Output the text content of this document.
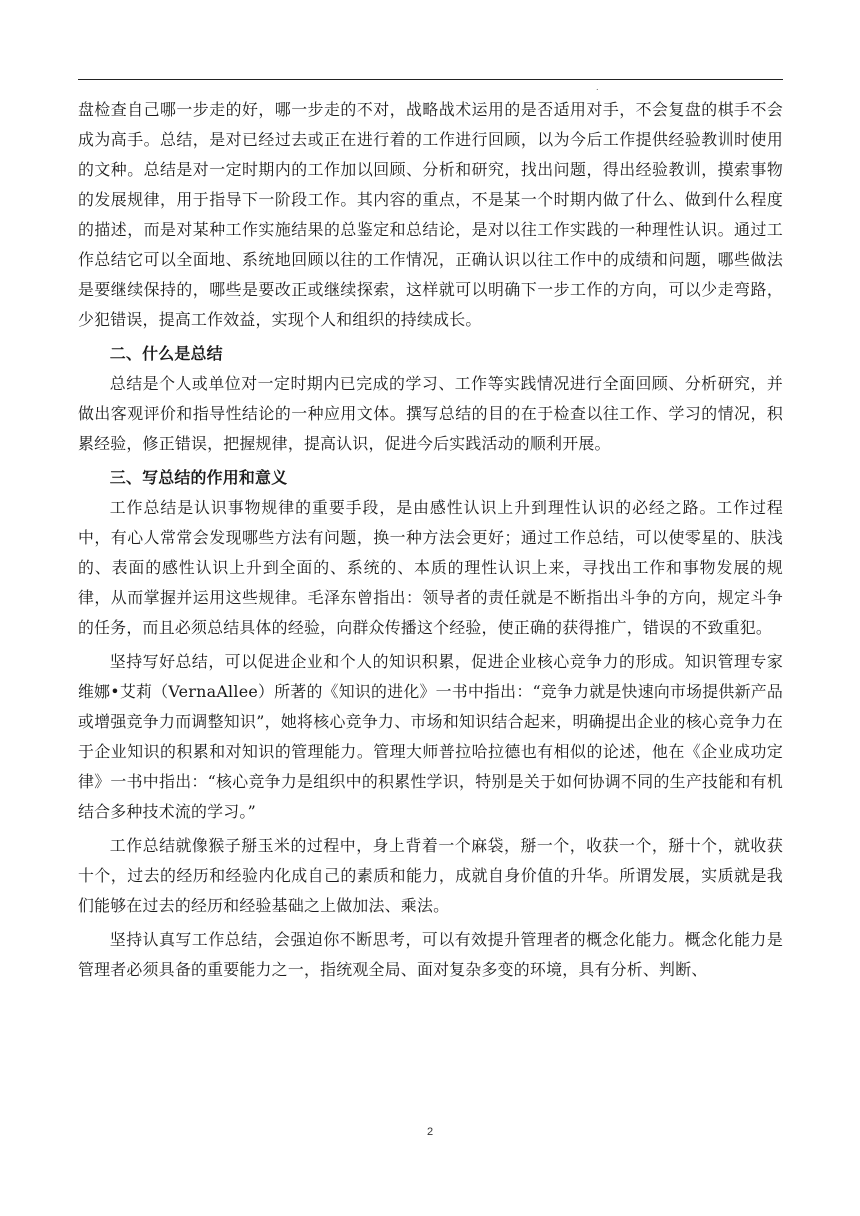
.

盘检查自己哪一步走的好，哪一步走的不对，战略战术运用的是否适用对手，不会复盘的棋手不会成为高手。总结，是对已经过去或正在进行着的工作进行回顾，以为今后工作提供经验教训时使用的文种。总结是对一定时期内的工作加以回顾、分析和研究，找出问题，得出经验教训，摸索事物的发展规律，用于指导下一阶段工作。其内容的重点，不是某一个时期内做了什么、做到什么程度的描述，而是对某种工作实施结果的总鉴定和总结论，是对以往工作实践的一种理性认识。通过工作总结它可以全面地、系统地回顾以往的工作情况，正确认识以往工作中的成绩和问题，哪些做法是要继续保持的，哪些是要改正或继续探索，这样就可以明确下一步工作的方向，可以少走弯路，少犯错误，提高工作效益，实现个人和组织的持续成长。

二、什么是总结

总结是个人或单位对一定时期内已完成的学习、工作等实践情况进行全面回顾、分析研究，并做出客观评价和指导性结论的一种应用文体。撰写总结的目的在于检查以往工作、学习的情况，积累经验，修正错误，把握规律，提高认识，促进今后实践活动的顺利开展。

三、写总结的作用和意义

工作总结是认识事物规律的重要手段，是由感性认识上升到理性认识的必经之路。工作过程中，有心人常常会发现哪些方法有问题，换一种方法会更好；通过工作总结，可以使零星的、肤浅的、表面的感性认识上升到全面的、系统的、本质的理性认识上来，寻找出工作和事物发展的规律，从而掌握并运用这些规律。毛泽东曾指出：领导者的责任就是不断指出斗争的方向，规定斗争的任务，而且必须总结具体的经验，向群众传播这个经验，使正确的获得推广，错误的不致重犯。

坚持写好总结，可以促进企业和个人的知识积累，促进企业核心竞争力的形成。知识管理专家维娜•艾莉（VernaAllee）所著的《知识的进化》一书中指出：“竞争力就是快速向市场提供新产品或增强竞争力而调整知识”，她将核心竞争力、市场和知识结合起来，明确提出企业的核心竞争力在于企业知识的积累和对知识的管理能力。管理大师普拉哈拉德也有相似的论述，他在《企业成功定律》一书中指出：“核心竞争力是组织中的积累性学识，特别是关于如何协调不同的生产技能和有机结合多种技术流的学习。”

工作总结就像猴子掰玉米的过程中，身上背着一个麻袋，掰一个，收获一个，掰十个，就收获十个，过去的经历和经验内化成自己的素质和能力，成就自身价值的升华。所谓发展，实质就是我们能够在过去的经历和经验基础之上做加法、乘法。

坚持认真写工作总结，会强迫你不断思考，可以有效提升管理者的概念化能力。概念化能力是管理者必须具备的重要能力之一，指统观全局、面对复杂多变的环境，具有分析、判断、

2
